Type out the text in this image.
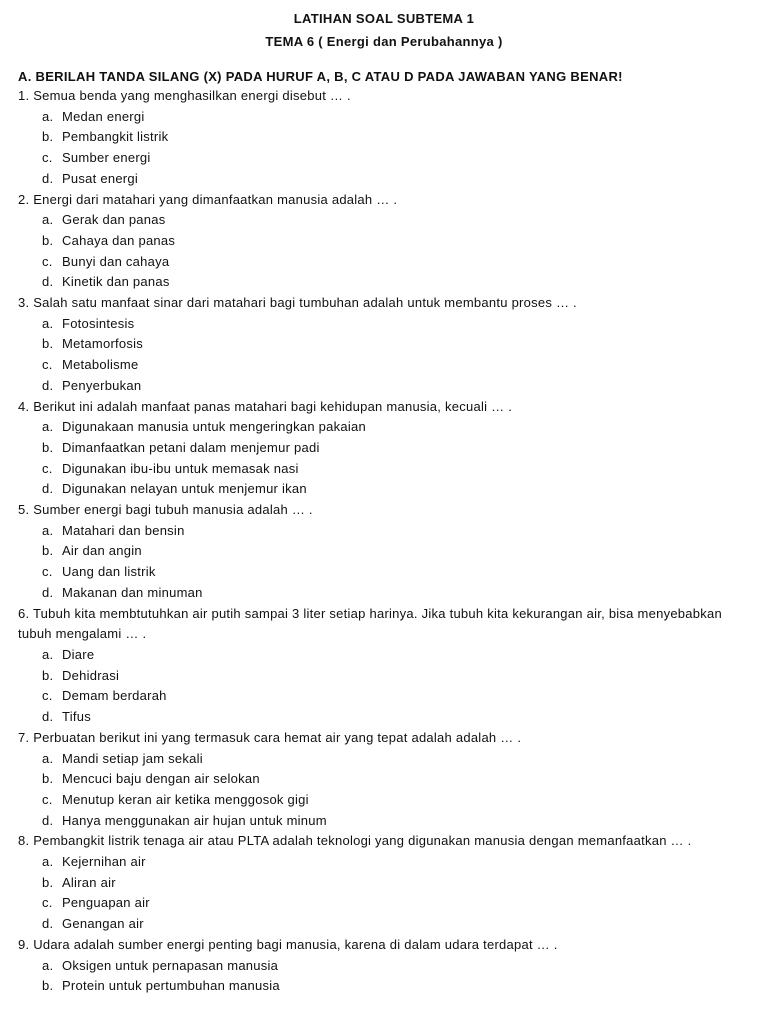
LATIHAN SOAL SUBTEMA 1
TEMA 6 ( Energi dan Perubahannya )
A. BERILAH TANDA SILANG (X) PADA HURUF A, B, C ATAU D PADA JAWABAN YANG BENAR!
1. Semua benda yang menghasilkan energi disebut … .
a. Medan energi
b. Pembangkit listrik
c. Sumber energi
d. Pusat energi
2. Energi dari matahari yang dimanfaatkan manusia adalah … .
a. Gerak dan panas
b. Cahaya dan panas
c. Bunyi dan cahaya
d. Kinetik dan panas
3. Salah satu manfaat sinar dari matahari bagi tumbuhan adalah untuk membantu proses … .
a. Fotosintesis
b. Metamorfosis
c. Metabolisme
d. Penyerbukan
4. Berikut ini adalah manfaat panas matahari bagi kehidupan manusia, kecuali … .
a. Digunakaan manusia untuk mengeringkan pakaian
b. Dimanfaatkan petani dalam menjemur padi
c. Digunakan ibu-ibu untuk memasak nasi
d. Digunakan nelayan untuk menjemur ikan
5. Sumber energi bagi tubuh manusia adalah … .
a. Matahari dan bensin
b. Air dan angin
c. Uang dan listrik
d. Makanan dan minuman
6. Tubuh kita membtutuhkan air putih sampai 3 liter setiap harinya. Jika tubuh kita kekurangan air, bisa menyebabkan tubuh mengalami … .
a. Diare
b. Dehidrasi
c. Demam berdarah
d. Tifus
7. Perbuatan berikut ini yang termasuk cara hemat air yang tepat adalah adalah … .
a. Mandi setiap jam sekali
b. Mencuci baju dengan air selokan
c. Menutup keran air ketika menggosok gigi
d. Hanya menggunakan air hujan untuk minum
8. Pembangkit listrik tenaga air atau PLTA adalah teknologi yang digunakan manusia dengan memanfaatkan … .
a. Kejernihan air
b. Aliran air
c. Penguapan air
d. Genangan air
9. Udara adalah sumber energi penting bagi manusia, karena di dalam udara terdapat … .
a. Oksigen untuk pernapasan manusia
b. Protein untuk pertumbuhan manusia
